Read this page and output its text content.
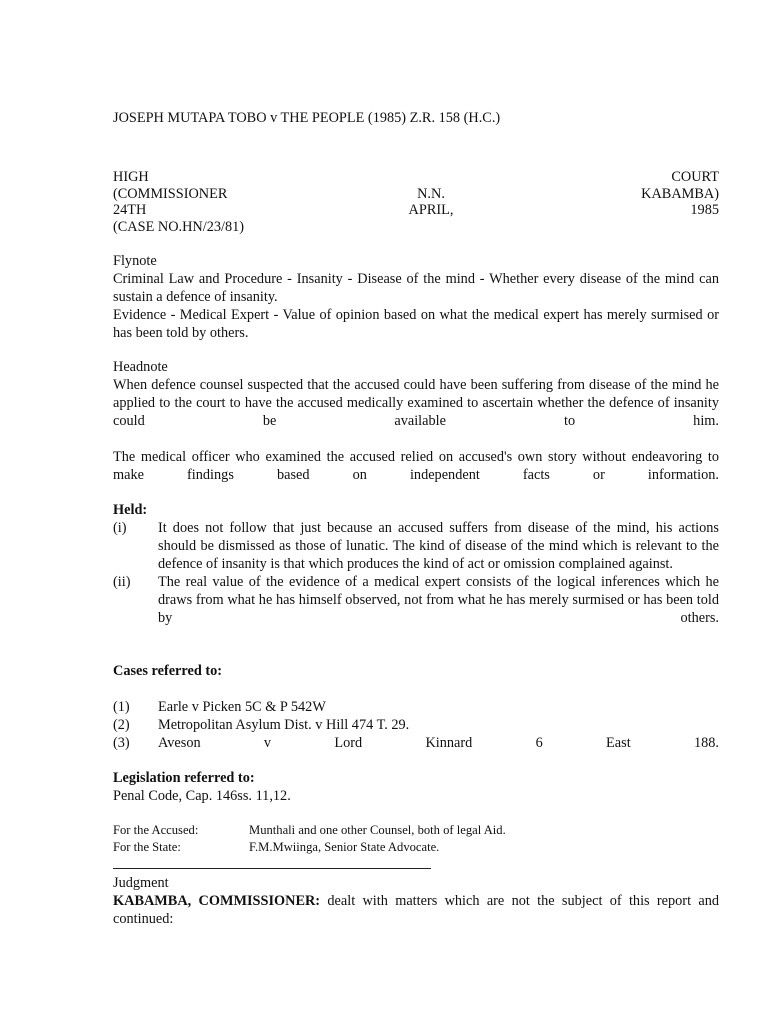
JOSEPH MUTAPA TOBO v THE PEOPLE (1985) Z.R. 158 (H.C.)
HIGH	COURT
(COMMISSIONER	N.N.	KABAMBA)
24TH	APRIL,	1985
(CASE NO.HN/23/81)
Flynote
Criminal Law and Procedure - Insanity - Disease of the mind - Whether every disease of the mind can sustain a defence of insanity.
Evidence - Medical Expert - Value of opinion based on what the medical expert has merely surmised or has been told by others.
Headnote
When defence counsel suspected that the accused could have been suffering from disease of the mind he applied to the court to have the accused medically examined to ascertain whether the defence of insanity could be available to him.
The medical officer who examined the accused relied on accused's own story without endeavoring to make findings based on independent facts or information.
Held:
(i)	It does not follow that just because an accused suffers from disease of the mind, his actions should be dismissed as those of lunatic. The kind of disease of the mind which is relevant to the defence of insanity is that which produces the kind of act or omission complained against.
(ii)	The real value of the evidence of a medical expert consists of the logical inferences which he draws from what he has himself observed, not from what he has merely surmised or has been told by others.
Cases referred to:
(1)	Earle v Picken 5C & P 542W
(2)	Metropolitan Asylum Dist. v Hill 474 T. 29.
(3)	Aveson v Lord Kinnard 6 East 188.
Legislation referred to:
Penal Code, Cap. 146ss. 11,12.
For the Accused:	Munthali and one other Counsel, both of legal Aid.
For the State:	F.M.Mwiinga, Senior State Advocate.
Judgment
KABAMBA, COMMISSIONER: dealt with matters which are not the subject of this report and continued:
